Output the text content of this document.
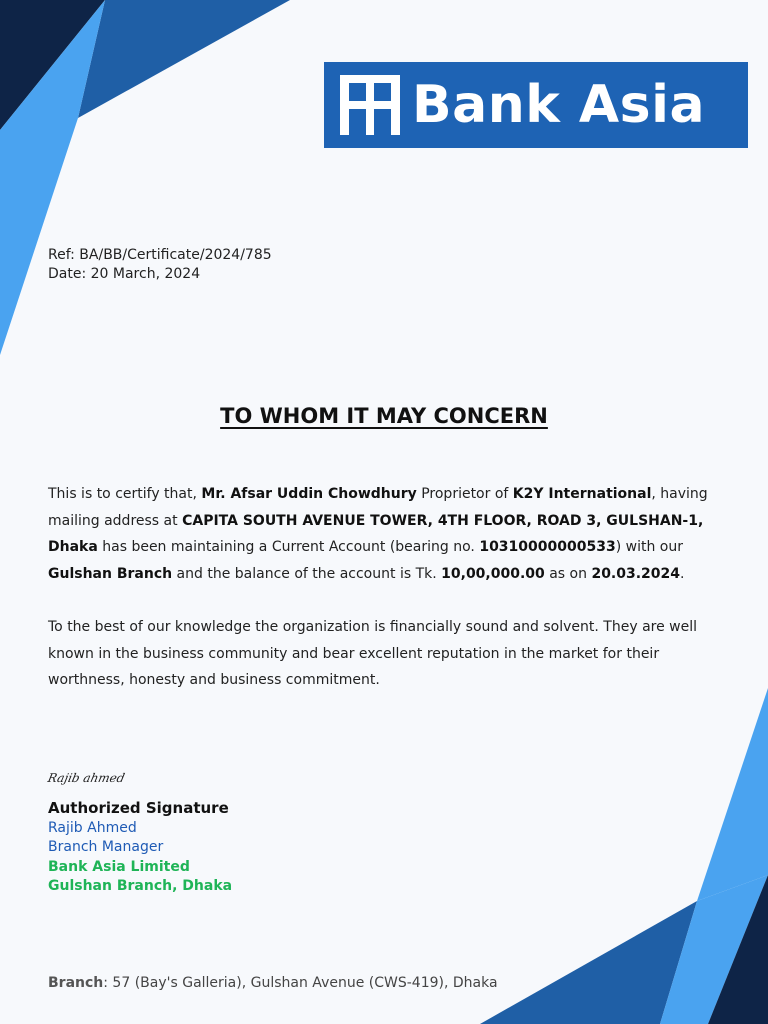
Bank Asia
Ref: BA/BB/Certificate/2024/785
Date: 20 March, 2024
TO WHOM IT MAY CONCERN
This is to certify that, Mr. Afsar Uddin Chowdhury Proprietor of K2Y International, having mailing address at CAPITA SOUTH AVENUE TOWER, 4TH FLOOR, ROAD 3, GULSHAN-1, Dhaka has been maintaining a Current Account (bearing no. 10310000000533) with our Gulshan Branch and the balance of the account is Tk. 10,00,000.00 as on 20.03.2024.
To the best of our knowledge the organization is financially sound and solvent. They are well known in the business community and bear excellent reputation in the market for their worthness, honesty and business commitment.
Rajib ahmed
Authorized Signature
Rajib Ahmed
Branch Manager
Bank Asia Limited
Gulshan Branch, Dhaka
Branch: 57 (Bay's Galleria), Gulshan Avenue (CWS-419), Dhaka
